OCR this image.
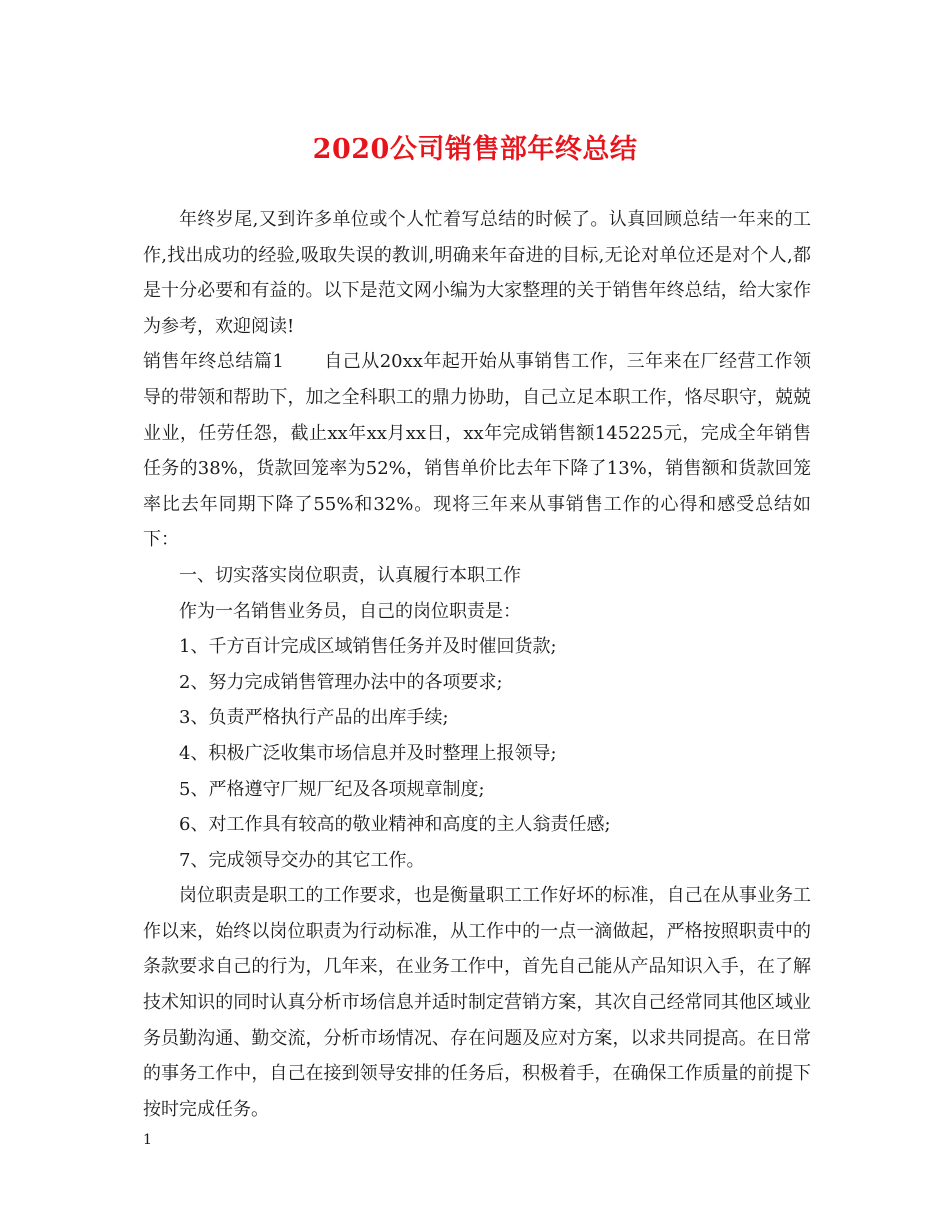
2020公司销售部年终总结

年终岁尾,又到许多单位或个人忙着写总结的时候了。认真回顾总结一年来的工作,找出成功的经验,吸取失误的教训,明确来年奋进的目标,无论对单位还是对个人,都是十分必要和有益的。以下是范文网小编为大家整理的关于销售年终总结，给大家作为参考，欢迎阅读!

销售年终总结篇1 自己从20xx年起开始从事销售工作，三年来在厂经营工作领导的带领和帮助下，加之全科职工的鼎力协助，自己立足本职工作，恪尽职守，兢兢业业，任劳任怨，截止xx年xx月xx日，xx年完成销售额145225元，完成全年销售任务的38%，货款回笼率为52%，销售单价比去年下降了13%，销售额和货款回笼率比去年同期下降了55%和32%。现将三年来从事销售工作的心得和感受总结如下：

一、切实落实岗位职责，认真履行本职工作

作为一名销售业务员，自己的岗位职责是：

1、千方百计完成区域销售任务并及时催回货款;

2、努力完成销售管理办法中的各项要求;

3、负责严格执行产品的出库手续;

4、积极广泛收集市场信息并及时整理上报领导;

5、严格遵守厂规厂纪及各项规章制度;

6、对工作具有较高的敬业精神和高度的主人翁责任感;

7、完成领导交办的其它工作。

岗位职责是职工的工作要求，也是衡量职工工作好坏的标准，自己在从事业务工作以来，始终以岗位职责为行动标准，从工作中的一点一滴做起，严格按照职责中的条款要求自己的行为，几年来，在业务工作中，首先自己能从产品知识入手，在了解技术知识的同时认真分析市场信息并适时制定营销方案，其次自己经常同其他区域业务员勤沟通、勤交流，分析市场情况、存在问题及应对方案，以求共同提高。在日常的事务工作中，自己在接到领导安排的任务后，积极着手，在确保工作质量的前提下按时完成任务。

1
